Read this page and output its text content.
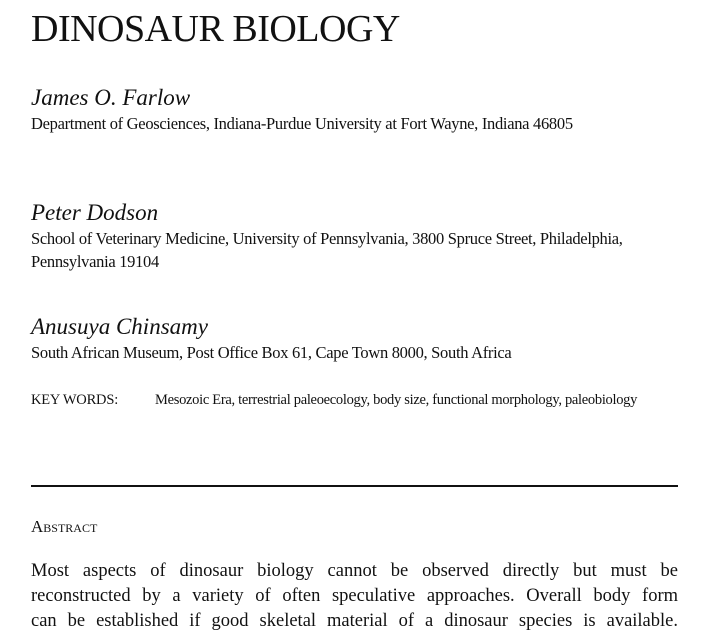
DINOSAUR BIOLOGY
James O. Farlow
Department of Geosciences, Indiana-Purdue University at Fort Wayne, Indiana 46805
Peter Dodson
School of Veterinary Medicine, University of Pennsylvania, 3800 Spruce Street, Philadelphia, Pennsylvania 19104
Anusuya Chinsamy
South African Museum, Post Office Box 61, Cape Town 8000, South Africa
KEY WORDS:	Mesozoic Era, terrestrial paleoecology, body size, functional morphology, paleobiology
Abstract
Most aspects of dinosaur biology cannot be observed directly but must be
reconstructed by a variety of often speculative approaches. Overall body form
can be established if good skeletal material of a dinosaur species is available.
